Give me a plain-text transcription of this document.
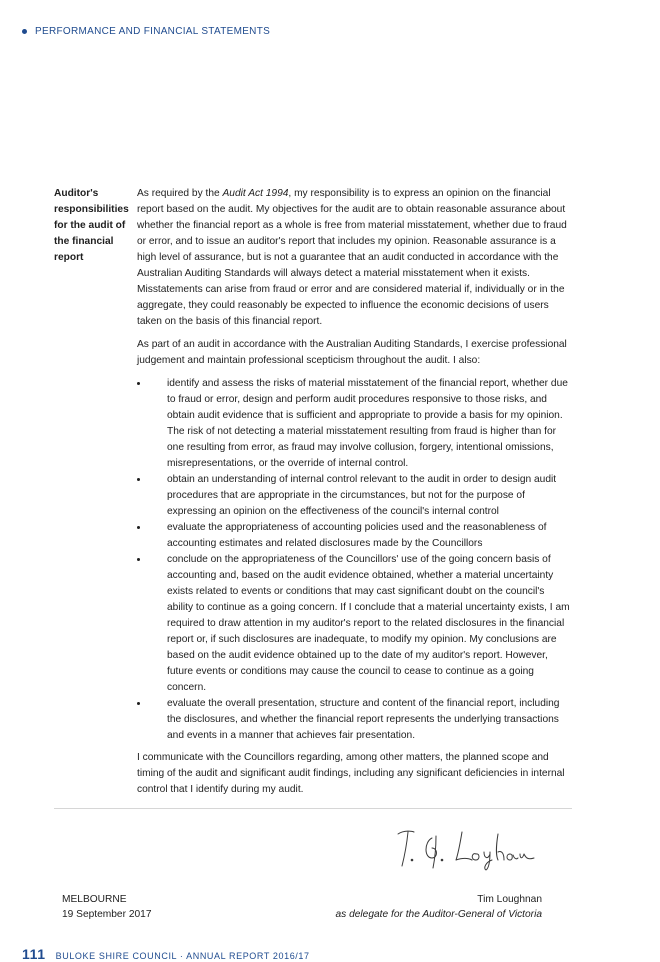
PERFORMANCE AND FINANCIAL STATEMENTS
Auditor's responsibilities for the audit of the financial report

As required by the Audit Act 1994, my responsibility is to express an opinion on the financial report based on the audit. My objectives for the audit are to obtain reasonable assurance about whether the financial report as a whole is free from material misstatement, whether due to fraud or error, and to issue an auditor's report that includes my opinion. Reasonable assurance is a high level of assurance, but is not a guarantee that an audit conducted in accordance with the Australian Auditing Standards will always detect a material misstatement when it exists. Misstatements can arise from fraud or error and are considered material if, individually or in the aggregate, they could reasonably be expected to influence the economic decisions of users taken on the basis of this financial report.

As part of an audit in accordance with the Australian Auditing Standards, I exercise professional judgement and maintain professional scepticism throughout the audit. I also:

identify and assess the risks of material misstatement of the financial report, whether due to fraud or error, design and perform audit procedures responsive to those risks, and obtain audit evidence that is sufficient and appropriate to provide a basis for my opinion. The risk of not detecting a material misstatement resulting from fraud is higher than for one resulting from error, as fraud may involve collusion, forgery, intentional omissions, misrepresentations, or the override of internal control.
obtain an understanding of internal control relevant to the audit in order to design audit procedures that are appropriate in the circumstances, but not for the purpose of expressing an opinion on the effectiveness of the council's internal control
evaluate the appropriateness of accounting policies used and the reasonableness of accounting estimates and related disclosures made by the Councillors
conclude on the appropriateness of the Councillors' use of the going concern basis of accounting and, based on the audit evidence obtained, whether a material uncertainty exists related to events or conditions that may cast significant doubt on the council's ability to continue as a going concern. If I conclude that a material uncertainty exists, I am required to draw attention in my auditor's report to the related disclosures in the financial report or, if such disclosures are inadequate, to modify my opinion. My conclusions are based on the audit evidence obtained up to the date of my auditor's report. However, future events or conditions may cause the council to cease to continue as a going concern.
evaluate the overall presentation, structure and content of the financial report, including the disclosures, and whether the financial report represents the underlying transactions and events in a manner that achieves fair presentation.

I communicate with the Councillors regarding, among other matters, the planned scope and timing of the audit and significant audit findings, including any significant deficiencies in internal control that I identify during my audit.

MELBOURNE
19 September 2017
Tim Loughnan
as delegate for the Auditor-General of Victoria
111 BULOKE SHIRE COUNCIL · ANNUAL REPORT 2016/17
